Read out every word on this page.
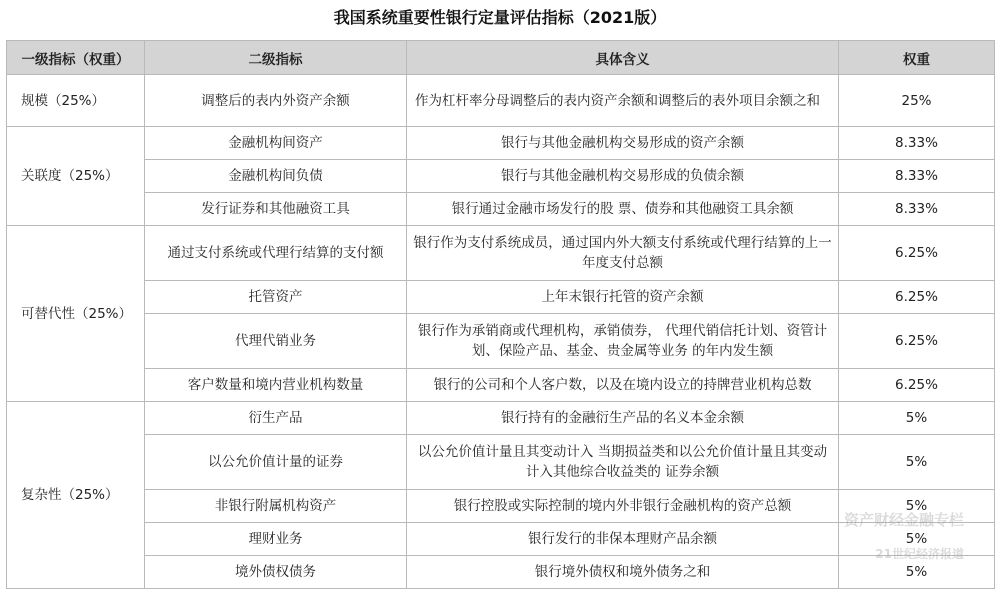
我国系统重要性银行定量评估指标（2021版）
一级指标（权重）	二级指标	具体含义	权重
规模（25%）	调整后的表内外资产余额	作为杠杆率分母调整后的表内资产余额和调整后的表外项目余额之和	25%
关联度（25%）	金融机构间资产	银行与其他金融机构交易形成的资产余额	8.33%
	金融机构间负债	银行与其他金融机构交易形成的负债余额	8.33%
	发行证券和其他融资工具	银行通过金融市场发行的股 票、债券和其他融资工具余额	8.33%
可替代性（25%）	通过支付系统或代理行结算的支付额	银行作为支付系统成员，通过国内外大额支付系统或代理行结算的上一年度支付总额	6.25%
	托管资产	上年末银行托管的资产余额	6.25%
	代理代销业务	银行作为承销商或代理机构，承销债券， 代理代销信托计划、资管计划、保险产品、基金、贵金属等业务 的年内发生额	6.25%
	客户数量和境内营业机构数量	银行的公司和个人客户数，以及在境内设立的持牌营业机构总数	6.25%
复杂性（25%）	衍生产品	银行持有的金融衍生产品的名义本金余额	5%
	以公允价值计量的证券	以公允价值计量且其变动计入 当期损益类和以公允价值计量且其变动计入其他综合收益类的 证券余额	5%
	非银行附属机构资产	银行控股或实际控制的境内外非银行金融机构的资产总额	5%
	理财业务	银行发行的非保本理财产品余额	5%
	境外债权债务	银行境外债权和境外债务之和	5%
资产财经金融专栏
21世纪经济报道
